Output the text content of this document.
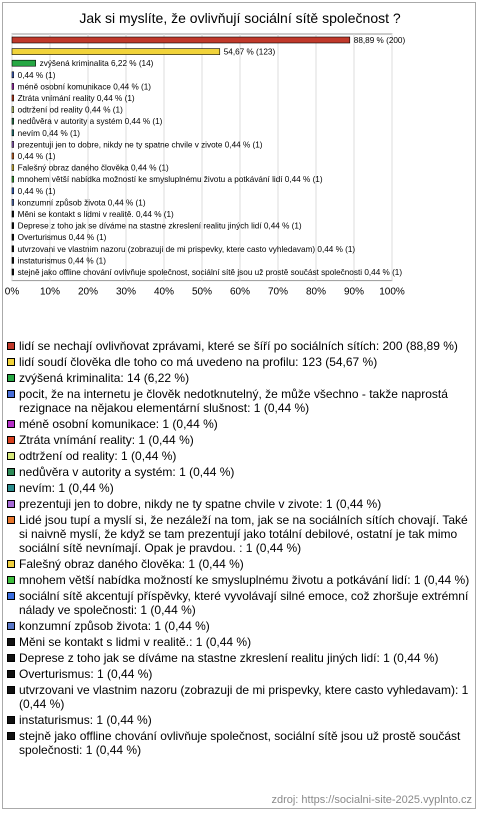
Jak si myslíte, že ovlivňují sociální sítě společnost ?
0% 10% 20% 30% 40% 50% 60% 70% 80% 90% 100%
88,89 % (200)
54,67 % (123)
zvýšená kriminalita 6,22 % (14)
0,44 % (1)
méně osobní komunikace 0,44 % (1)
Ztráta vnímání reality 0,44 % (1)
odtržení od reality 0,44 % (1)
nedůvěra v autority a systém 0,44 % (1)
nevím 0,44 % (1)
prezentuji jen to dobre, nikdy ne ty spatne chvile v zivote 0,44 % (1)
0,44 % (1)
Falešný obraz daného člověka 0,44 % (1)
mnohem větší nabídka možností ke smysluplnému životu a potkávání lidí 0,44 % (1)
0,44 % (1)
konzumní způsob života 0,44 % (1)
Měni se kontakt s lidmi v realitě. 0,44 % (1)
Deprese z toho jak se díváme na stastne zkreslení realitu jiných lidí 0,44 % (1)
Overturismus 0,44 % (1)
utvrzovani ve vlastnim nazoru (zobrazuji de mi prispevky, ktere casto vyhledavam) 0,44 % (1)
instaturismus 0,44 % (1)
stejně jako offline chování ovlivňuje společnost, sociální sítě jsou už prostě součást společnosti 0,44 % (1)
lidí se nechají ovlivňovat zprávami, které se šíří po sociálních sítích: 200 (88,89 %)
lidí soudí člověka dle toho co má uvedeno na profilu: 123 (54,67 %)
zvýšená kriminalita: 14 (6,22 %)
pocit, že na internetu je člověk nedotknutelný, že může všechno - takže naprostá rezignace na nějakou elementární slušnost: 1 (0,44 %)
méně osobní komunikace: 1 (0,44 %)
Ztráta vnímání reality: 1 (0,44 %)
odtržení od reality: 1 (0,44 %)
nedůvěra v autority a systém: 1 (0,44 %)
nevím: 1 (0,44 %)
prezentuji jen to dobre, nikdy ne ty spatne chvile v zivote: 1 (0,44 %)
Lidé jsou tupí a myslí si, že nezáleží na tom, jak se na sociálních sítích chovají. Také si naivně myslí, že když se tam prezentují jako totální debilové, ostatní je tak mimo sociální sítě nevnímají. Opak je pravdou. : 1 (0,44 %)
Falešný obraz daného člověka: 1 (0,44 %)
mnohem větší nabídka možností ke smysluplnému životu a potkávání lidí: 1 (0,44 %)
sociální sítě akcentují příspěvky, které vyvolávají silné emoce, což zhoršuje extrémní nálady ve společnosti: 1 (0,44 %)
konzumní způsob života: 1 (0,44 %)
Měni se kontakt s lidmi v realitě.: 1 (0,44 %)
Deprese z toho jak se díváme na stastne zkreslení realitu jiných lidí: 1 (0,44 %)
Overturismus: 1 (0,44 %)
utvrzovani ve vlastnim nazoru (zobrazuji de mi prispevky, ktere casto vyhledavam): 1 (0,44 %)
instaturismus: 1 (0,44 %)
stejně jako offline chování ovlivňuje společnost, sociální sítě jsou už prostě součást společnosti: 1 (0,44 %)
zdroj: https://socialni-site-2025.vyplnto.cz
